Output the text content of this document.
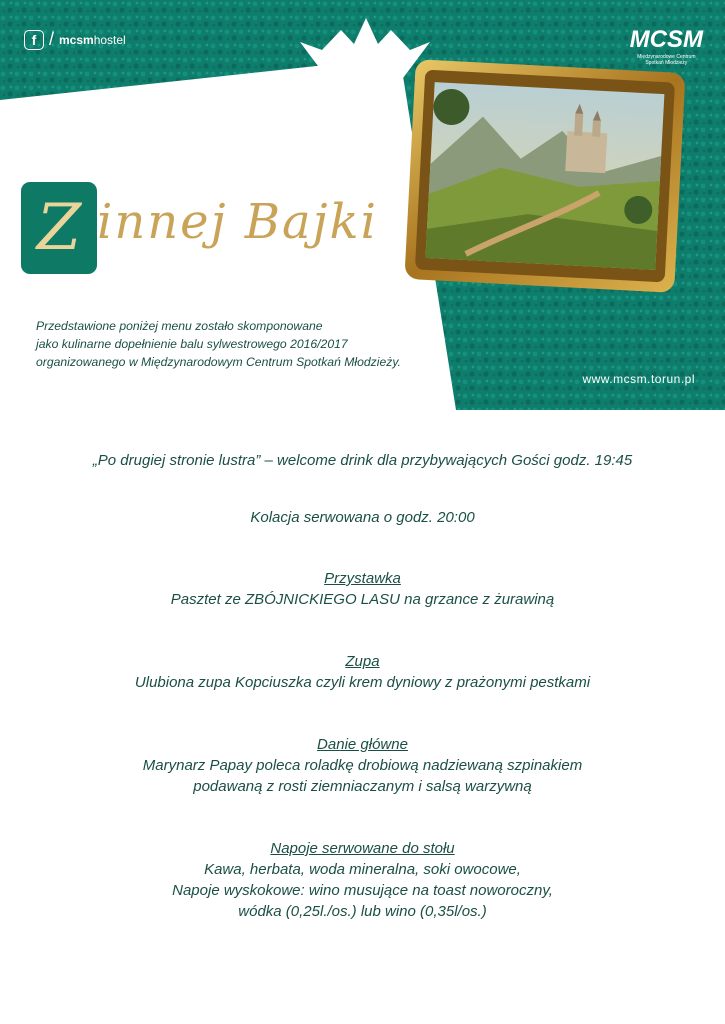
f / mcsmhostel	MCSM
Międzynarodowe Centrum Spotkań Młodzieży
www.mcsm.torun.pl
Z innej Bajki
Przedstawione poniżej menu zostało skomponowane
jako kulinarne dopełnienie balu sylwestrowego 2016/2017
organizowanego w Międzynarodowym Centrum Spotkań Młodzieży.

„Po drugiej stronie lustra” – welcome drink dla przybywających Gości godz. 19:45

Kolacja serwowana o godz. 20:00

Przystawka

Pasztet ze ZBÓJNICKIEGO LASU na grzance z żurawiną

Zupa

Ulubiona zupa Kopciuszka czyli krem dyniowy z prażonymi pestkami

Danie główne

Marynarz Papay poleca roladkę drobiową nadziewaną szpinakiem

podawaną z rosti ziemniaczanym i salsą warzywną

Napoje serwowane do stołu

Kawa, herbata, woda mineralna, soki owocowe,

Napoje wyskokowe: wino musujące na toast noworoczny,

wódka (0,25l./os.) lub wino (0,35l/os.)
